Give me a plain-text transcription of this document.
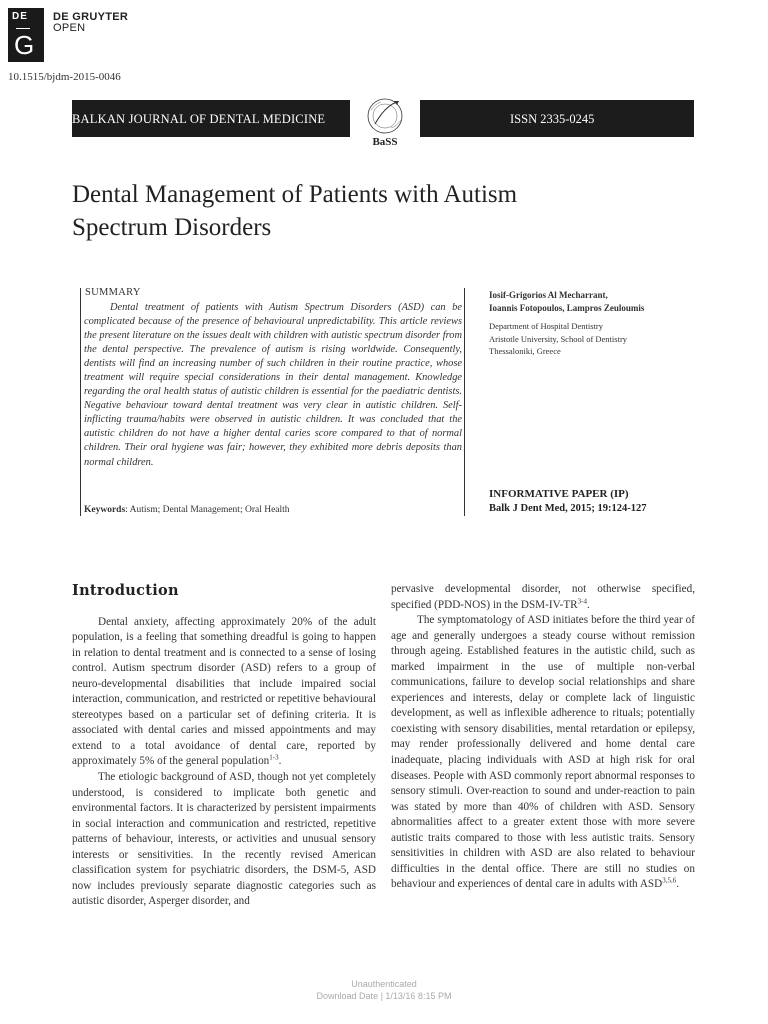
DE
G
DE GRUYTER
OPEN
10.1515/bjdm-2015-0046
BALKAN JOURNAL OF DENTAL MEDICINE	ISSN 2335-0245
BaSS
Dental Management of Patients with Autism Spectrum Disorders
SUMMARY

Dental treatment of patients with Autism Spectrum Disorders (ASD) can be complicated because of the presence of behavioural unpredictability. This article reviews the present literature on the issues dealt with children with autistic spectrum disorder from the dental perspective. The prevalence of autism is rising worldwide. Consequently, dentists will find an increasing number of such children in their routine practice, whose treatment will require special considerations in their dental management. Knowledge regarding the oral health status of autistic children is essential for the paediatric dentists. Negative behaviour toward dental treatment was very clear in autistic children. Self-inflicting trauma/habits were observed in autistic children. It was concluded that the autistic children do not have a higher dental caries score compared to that of normal children. Their oral hygiene was fair; however, they exhibited more debris deposits than normal children.

Keywords: Autism; Dental Management; Oral Health
Iosif-Grigorios Al Mecharrant,
Ioannis Fotopoulos, Lampros Zeuloumis
Department of Hospital Dentistry
Aristotle University, School of Dentistry
Thessaloniki, Greece
INFORMATIVE PAPER (IP)
Balk J Dent Med, 2015; 19:124-127
Introduction

Dental anxiety, affecting approximately 20% of the adult population, is a feeling that something dreadful is going to happen in relation to dental treatment and is connected to a sense of losing control. Autism spectrum disorder (ASD) refers to a group of neuro-developmental disabilities that include impaired social interaction, communication, and restricted or repetitive behavioural stereotypes based on a particular set of defining criteria. It is associated with dental caries and missed appointments and may extend to a total avoidance of dental care, reported by approximately 5% of the general population$^{1-3}$.

The etiologic background of ASD, though not yet completely understood, is considered to implicate both genetic and environmental factors. It is characterized by persistent impairments in social interaction and communication and restricted, repetitive patterns of behaviour, interests, or activities and unusual sensory interests or sensitivities. In the recently revised American classification system for psychiatric disorders, the DSM-5, ASD now includes previously separate diagnostic categories such as autistic disorder, Asperger disorder, and

pervasive developmental disorder, not otherwise specified, specified (PDD-NOS) in the DSM-IV-TR$^{3-4}$.

The symptomatology of ASD initiates before the third year of age and generally undergoes a steady course without remission through ageing. Established features in the autistic child, such as marked impairment in the use of multiple non-verbal communications, failure to develop social relationships and share experiences and interests, delay or complete lack of linguistic development, as well as inflexible adherence to rituals; potentially coexisting with sensory disabilities, mental retardation or epilepsy, may render professionally delivered and home dental care inadequate, placing individuals with ASD at high risk for oral diseases. People with ASD commonly report abnormal responses to sensory stimuli. Over-reaction to sound and under-reaction to pain was stated by more than 40% of children with ASD. Sensory abnormalities affect to a greater extent those with more severe autistic traits compared to those with less autistic traits. Sensory sensitivities in children with ASD are also related to behaviour difficulties in the dental office. There are still no studies on behaviour and experiences of dental care in adults with ASD$^{3,5,6}$.

Unauthenticated
Download Date | 1/13/16 8:15 PM
